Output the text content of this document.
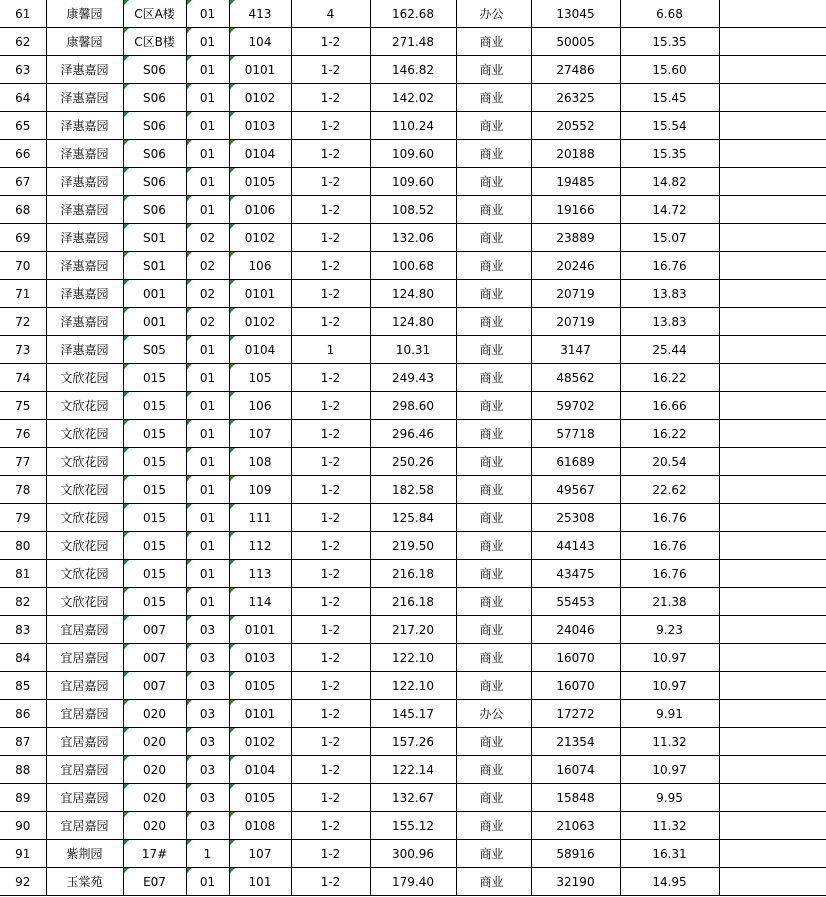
61	康馨园	C区A楼	01	413	4	162.68	办公	13045	6.68	
62	康馨园	C区B楼	01	104	1-2	271.48	商业	50005	15.35	
63	泽惠嘉园	S06	01	0101	1-2	146.82	商业	27486	15.60	
64	泽惠嘉园	S06	01	0102	1-2	142.02	商业	26325	15.45	
65	泽惠嘉园	S06	01	0103	1-2	110.24	商业	20552	15.54	
66	泽惠嘉园	S06	01	0104	1-2	109.60	商业	20188	15.35	
67	泽惠嘉园	S06	01	0105	1-2	109.60	商业	19485	14.82	
68	泽惠嘉园	S06	01	0106	1-2	108.52	商业	19166	14.72	
69	泽惠嘉园	S01	02	0102	1-2	132.06	商业	23889	15.07	
70	泽惠嘉园	S01	02	106	1-2	100.68	商业	20246	16.76	
71	泽惠嘉园	001	02	0101	1-2	124.80	商业	20719	13.83	
72	泽惠嘉园	001	02	0102	1-2	124.80	商业	20719	13.83	
73	泽惠嘉园	S05	01	0104	1	10.31	商业	3147	25.44	
74	文欣花园	015	01	105	1-2	249.43	商业	48562	16.22	
75	文欣花园	015	01	106	1-2	298.60	商业	59702	16.66	
76	文欣花园	015	01	107	1-2	296.46	商业	57718	16.22	
77	文欣花园	015	01	108	1-2	250.26	商业	61689	20.54	
78	文欣花园	015	01	109	1-2	182.58	商业	49567	22.62	
79	文欣花园	015	01	111	1-2	125.84	商业	25308	16.76	
80	文欣花园	015	01	112	1-2	219.50	商业	44143	16.76	
81	文欣花园	015	01	113	1-2	216.18	商业	43475	16.76	
82	文欣花园	015	01	114	1-2	216.18	商业	55453	21.38	
83	宜居嘉园	007	03	0101	1-2	217.20	商业	24046	9.23	
84	宜居嘉园	007	03	0103	1-2	122.10	商业	16070	10.97	
85	宜居嘉园	007	03	0105	1-2	122.10	商业	16070	10.97	
86	宜居嘉园	020	03	0101	1-2	145.17	办公	17272	9.91	
87	宜居嘉园	020	03	0102	1-2	157.26	商业	21354	11.32	
88	宜居嘉园	020	03	0104	1-2	122.14	商业	16074	10.97	
89	宜居嘉园	020	03	0105	1-2	132.67	商业	15848	9.95	
90	宜居嘉园	020	03	0108	1-2	155.12	商业	21063	11.32	
91	紫荆园	17#	1	107	1-2	300.96	商业	58916	16.31	
92	玉棠苑	E07	01	101	1-2	179.40	商业	32190	14.95	
